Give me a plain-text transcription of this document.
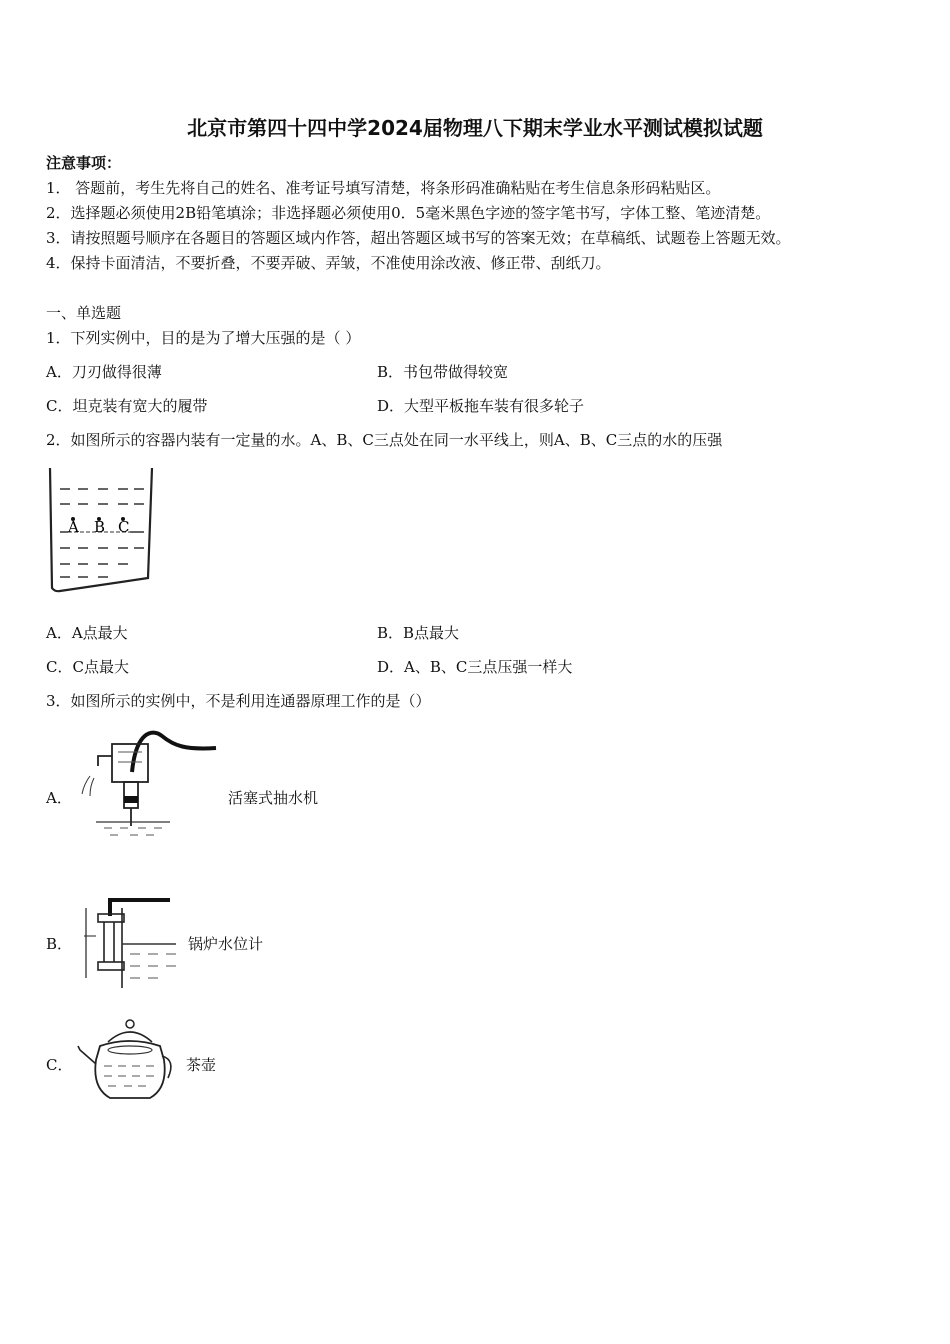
北京市第四十四中学2024届物理八下期末学业水平测试模拟试题
注意事项：
1． 答题前，考生先将自己的姓名、准考证号填写清楚，将条形码准确粘贴在考生信息条形码粘贴区。
2．选择题必须使用2B铅笔填涂；非选择题必须使用0．5毫米黑色字迹的签字笔书写，字体工整、笔迹清楚。
3．请按照题号顺序在各题目的答题区域内作答，超出答题区域书写的答案无效；在草稿纸、试题卷上答题无效。
4．保持卡面清洁，不要折叠，不要弄破、弄皱，不准使用涂改液、修正带、刮纸刀。
一、单选题
1．下列实例中，目的是为了增大压强的是（ ）
A．刀刃做得很薄	B．书包带做得较宽
C．坦克装有宽大的履带	D．大型平板拖车装有很多轮子
2．如图所示的容器内装有一定量的水。A、B、C三点处在同一水平线上，则A、B、C三点的水的压强
A B C
A．A点最大	B．B点最大
C．C点最大	D．A、B、C三点压强一样大
3．如图所示的实例中，不是利用连通器原理工作的是（）
A．	活塞式抽水机
B．	锅炉水位计
C．	茶壶
